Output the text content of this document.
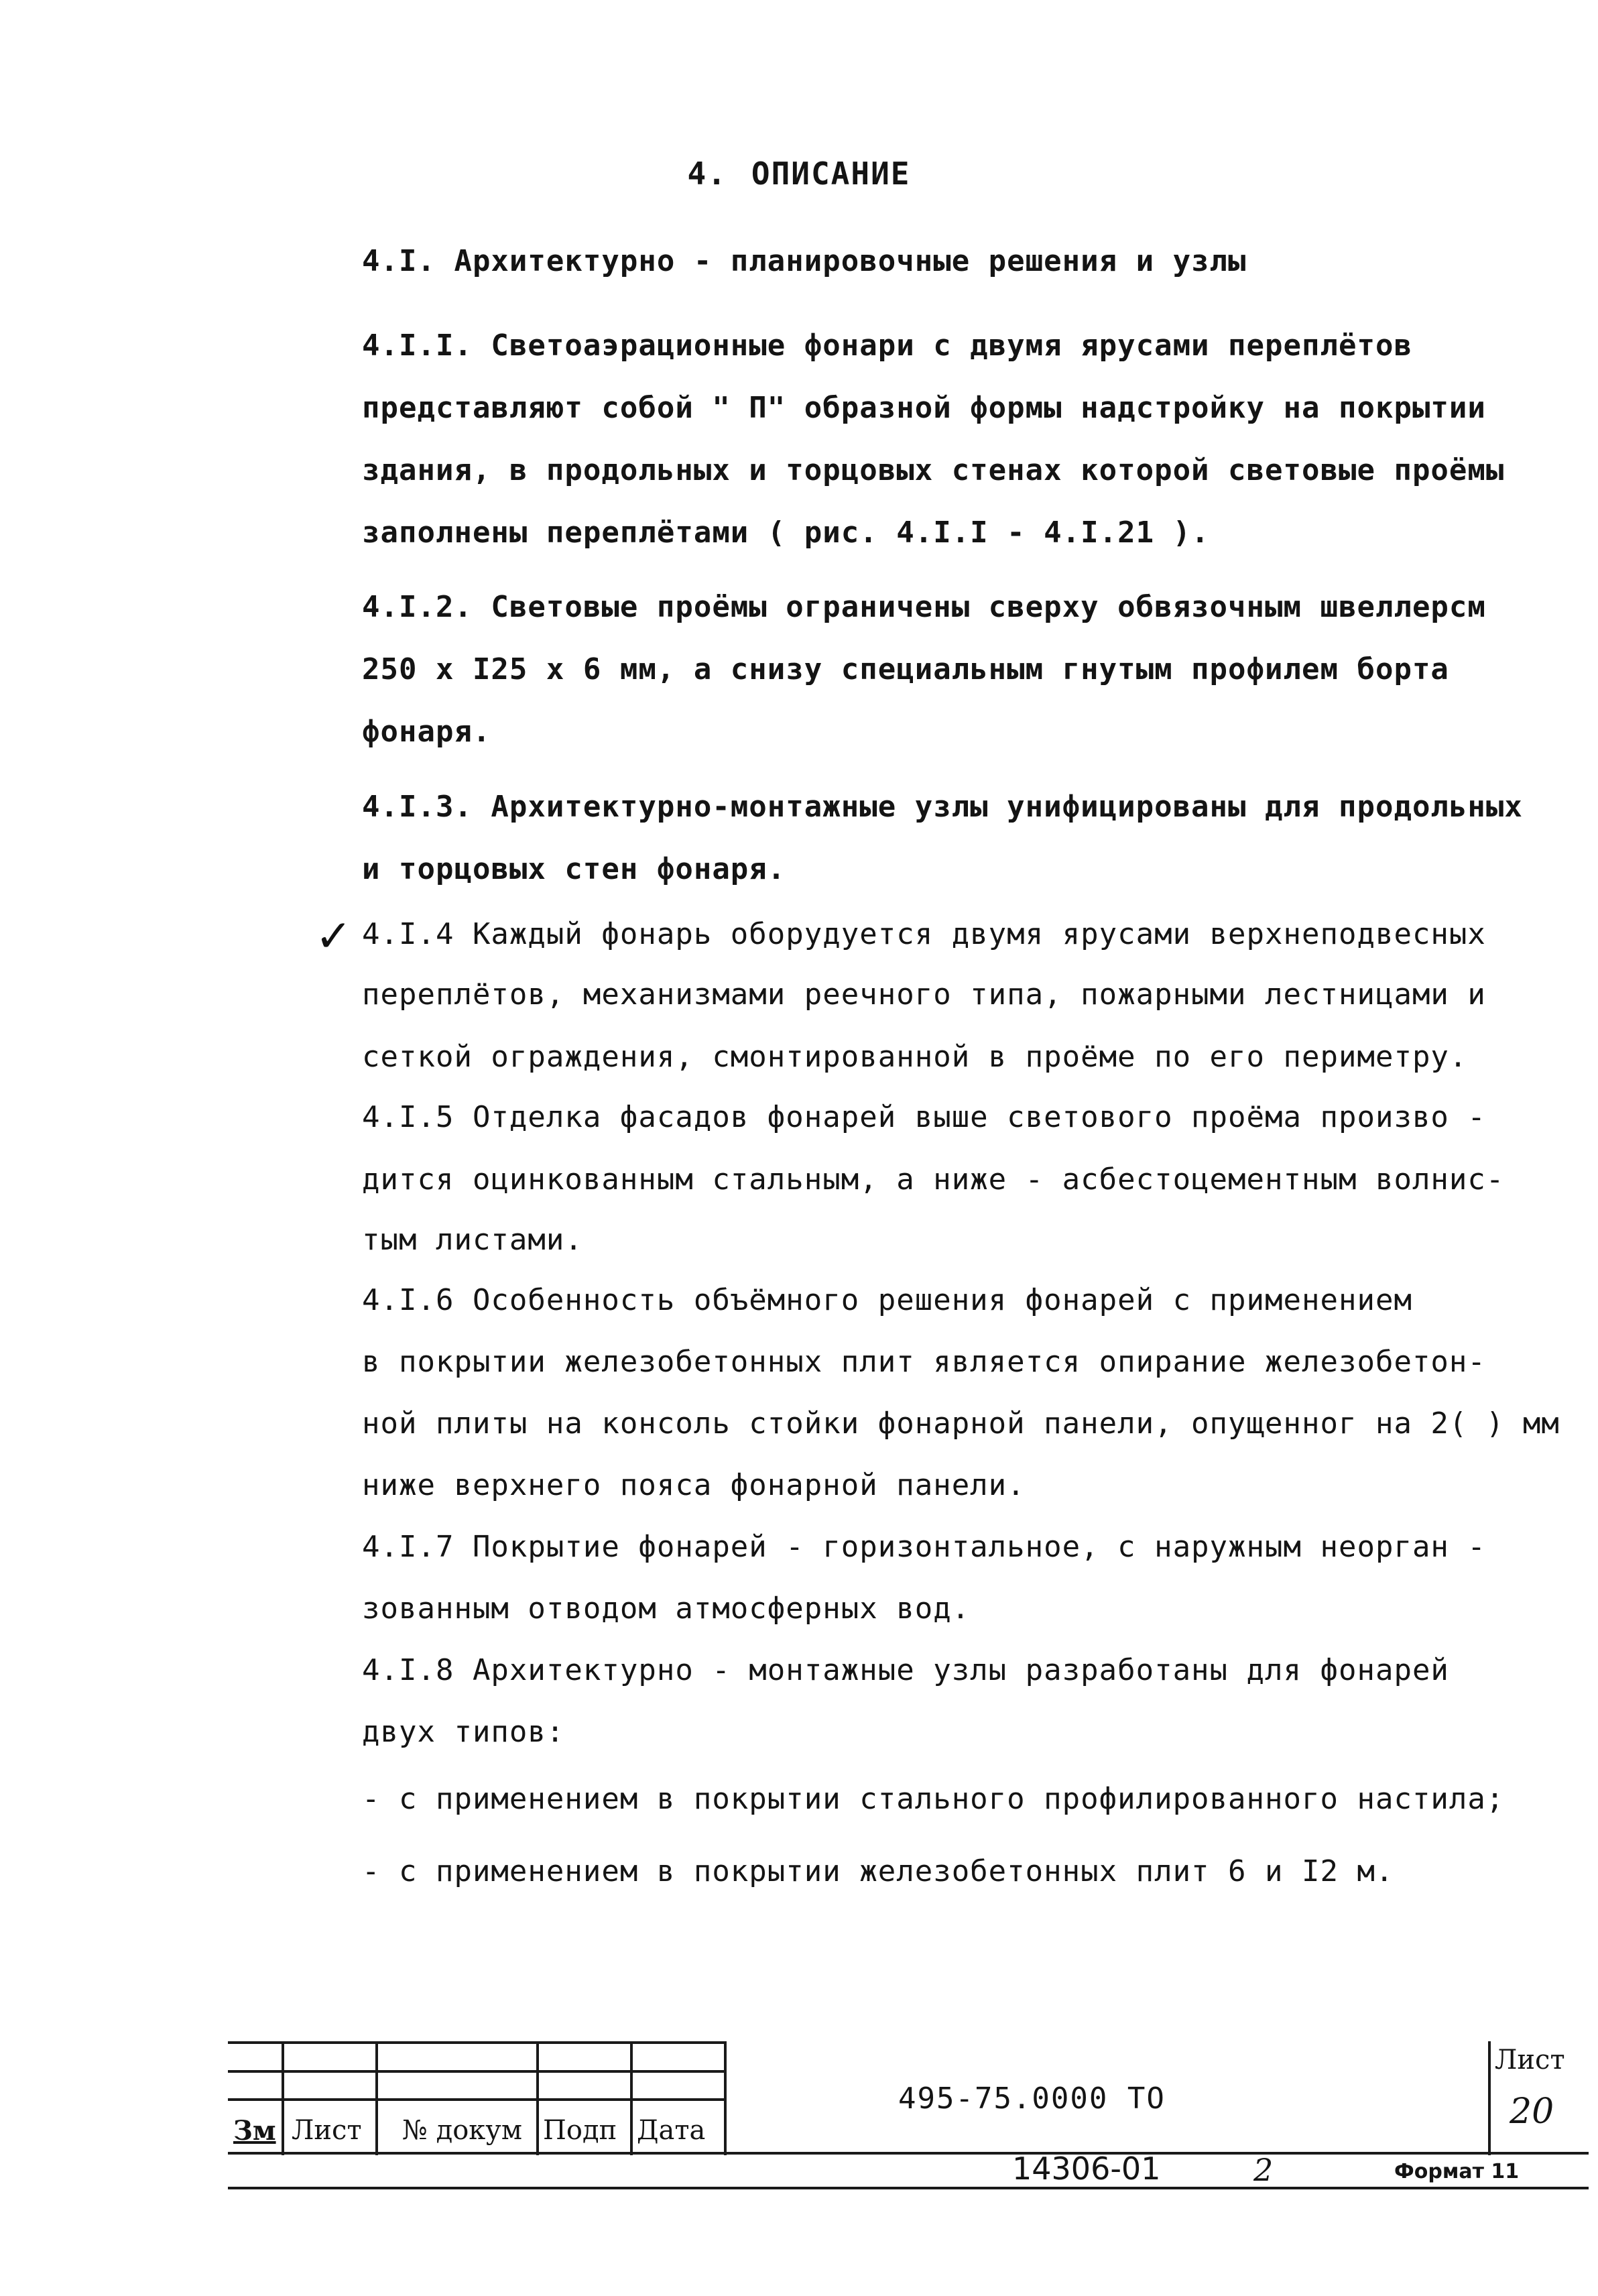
4. ОПИСАНИЕ
4.I. Архитектурно - планировочные решения и узлы
4.I.I. Светоаэрационные фонари с двумя ярусами переплётов
представляют собой " П" образной формы надстройку на покрытии
здания, в продольных и торцовых стенах которой световые проёмы
заполнены переплётами ( рис. 4.I.I - 4.I.21 ).
4.I.2. Световые проёмы ограничены сверху обвязочным швеллерсм
250 x I25 x 6 мм, а снизу специальным гнутым профилем борта
фонаря.
4.I.3. Архитектурно-монтажные узлы унифицированы для продольных
и торцовых стен фонаря.
✓ 4.I.4 Каждый фонарь оборудуется двумя ярусами верхнеподвесных
переплётов, механизмами реечного типа, пожарными лестницами и
сеткой ограждения, смонтированной в проёме по его периметру.
4.I.5 Отделка фасадов фонарей выше светового проёма произво -
дится оцинкованным стальным, а ниже - асбестоцементным волнис-
тым листами.
4.I.6 Особенность объёмного решения фонарей с применением
в покрытии железобетонных плит является опирание железобетон-
ной плиты на консоль стойки фонарной панели, опущенног на 2( ) мм
ниже верхнего пояса фонарной панели.
4.I.7 Покрытие фонарей - горизонтальное, с наружным неорган -
зованным отводом атмосферных вод.
4.I.8 Архитектурно - монтажные узлы разработаны для фонарей
двух типов:
- с применением в покрытии стального профилированного настила;
- с применением в покрытии железобетонных плит 6 и I2 м.
Зм Лист № докум Подп Дата
495-75.0000 ТО
Лист
20
14306-01	2	Формат 11
